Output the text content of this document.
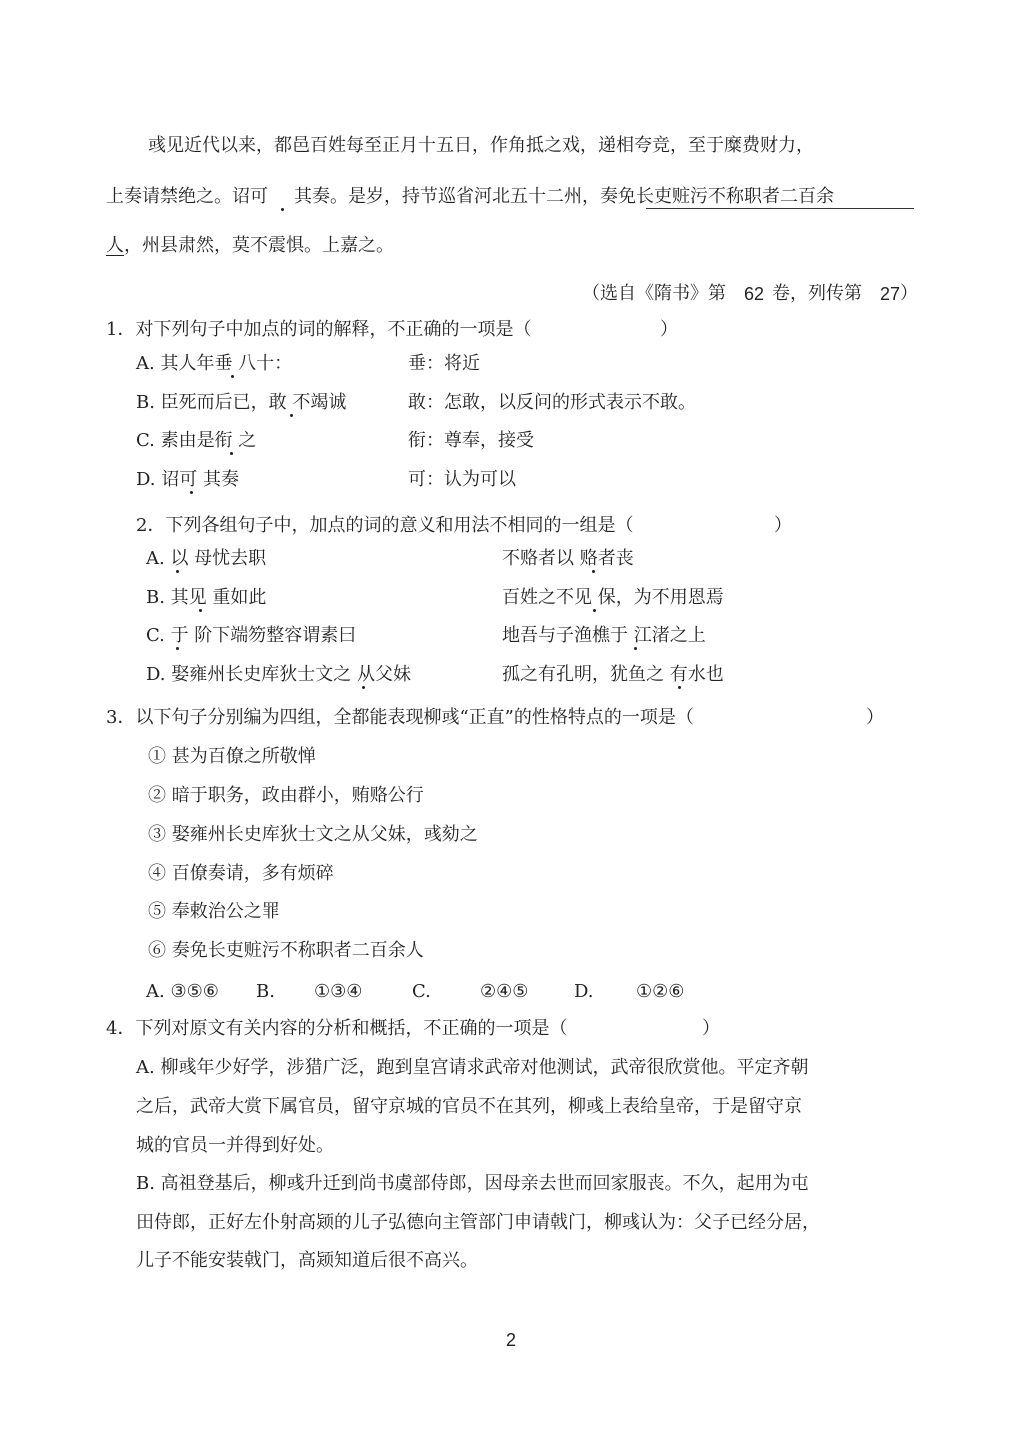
彧见近代以来，都邑百姓每至正月十五日，作角抵之戏，递相夸竞，至于糜费财力，
上奏请禁绝之。诏可 其奏。是岁，持节巡省河北五十二州，奏免长吏赃污不称职者二百余
人 ，州县肃然，莫不震惧。上嘉之。
（选自《隋书》第 62 卷，列传第 27 ）
1．对下列句子中加点的词的解释，不正确的一项是（	）
A. 其人年垂 八十：	垂：将近
B. 臣死而后已，敢 不竭诚	敢：怎敢，以反问的形式表示不敢。
C. 素由是衔 之	衔：尊奉，接受
D. 诏可 其奏	可：认为可以
2．下列各组句子中，加点的词的意义和用法不相同的一组是（	）
A. 以 母忧去职	不赂者以 赂者丧
B. 其见 重如此	百姓之不见 保，为不用恩焉
C. 于 阶下端笏整容谓素曰	地吾与子渔樵于 江渚之上
D. 娶雍州长史库狄士文之 从父妹	孤之有孔明，犹鱼之 有水也
3．以下句子分别编为四组，全都能表现柳彧“正直”的性格特点的一项是（	）
① 甚为百僚之所敬惮
② 暗于职务，政由群小，贿赂公行
③ 娶雍州长史库狄士文之从父妹，彧劾之
④ 百僚奏请，多有烦碎
⑤ 奉敕治公之罪
⑥ 奏免长吏赃污不称职者二百余人
A. ③⑤⑥ B. ①③④	C.	②④⑤	D. ①②⑥
4．下列对原文有关内容的分析和概括，不正确的一项是（	）
A. 柳彧年少好学，涉猎广泛，跑到皇宫请求武帝对他测试，武帝很欣赏他。平定齐朝
之后，武帝大赏下属官员，留守京城的官员不在其列，柳彧上表给皇帝，于是留守京
城的官员一并得到好处。
B. 高祖登基后，柳彧升迁到尚书虞部侍郎，因母亲去世而回家服丧。不久，起用为屯
田侍郎，正好左仆射高颎的儿子弘德向主管部门申请戟门，柳彧认为：父子已经分居，
儿子不能安装戟门，高颎知道后很不高兴。
2
